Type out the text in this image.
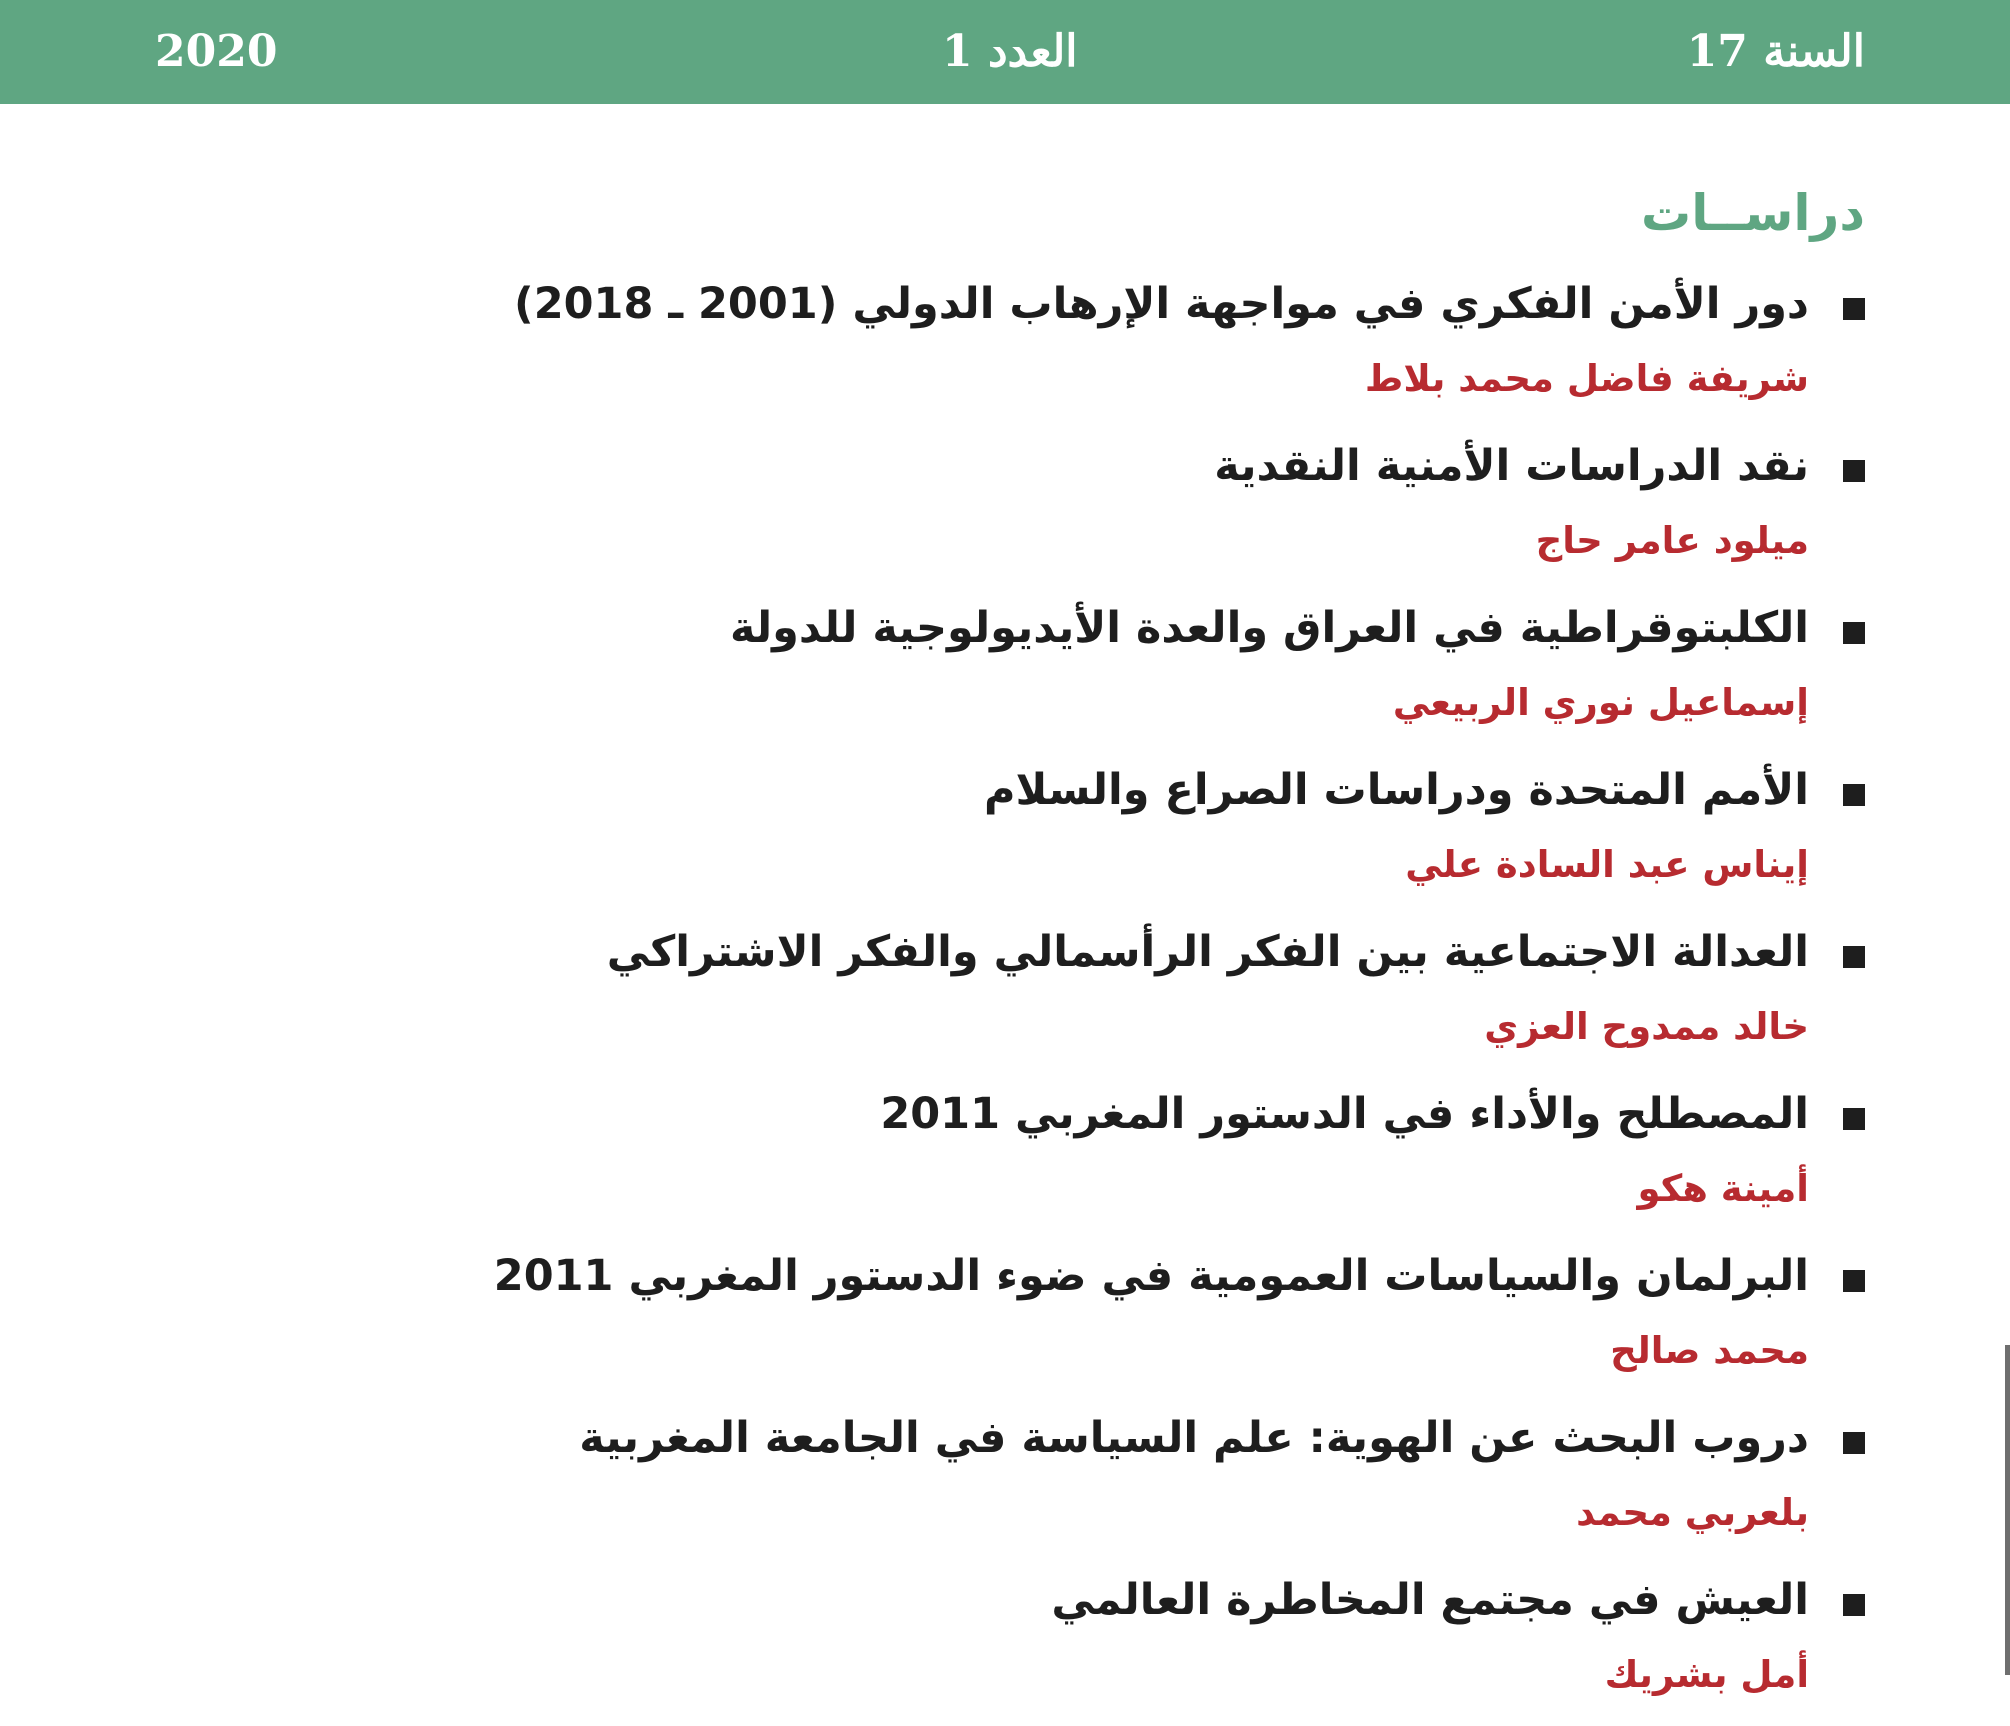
2020	العدد 1	السنة 17
دراســات
دور الأمن الفكري في مواجهة الإرهاب الدولي (2001 ـ 2018)
شريفة فاضل محمد بلاط
نقد الدراسات الأمنية النقدية
ميلود عامر حاج
الكلبتوقراطية في العراق والعدة الأيديولوجية للدولة
إسماعيل نوري الربيعي
الأمم المتحدة ودراسات الصراع والسلام
إيناس عبد السادة علي
العدالة الاجتماعية بين الفكر الرأسمالي والفكر الاشتراكي
خالد ممدوح العزي
المصطلح والأداء في الدستور المغربي 2011
أمينة هكو
البرلمان والسياسات العمومية في ضوء الدستور المغربي 2011
محمد صالح
دروب البحث عن الهوية: علم السياسة في الجامعة المغربية
بلعربي محمد
العيش في مجتمع المخاطرة العالمي
أمل بشريك
